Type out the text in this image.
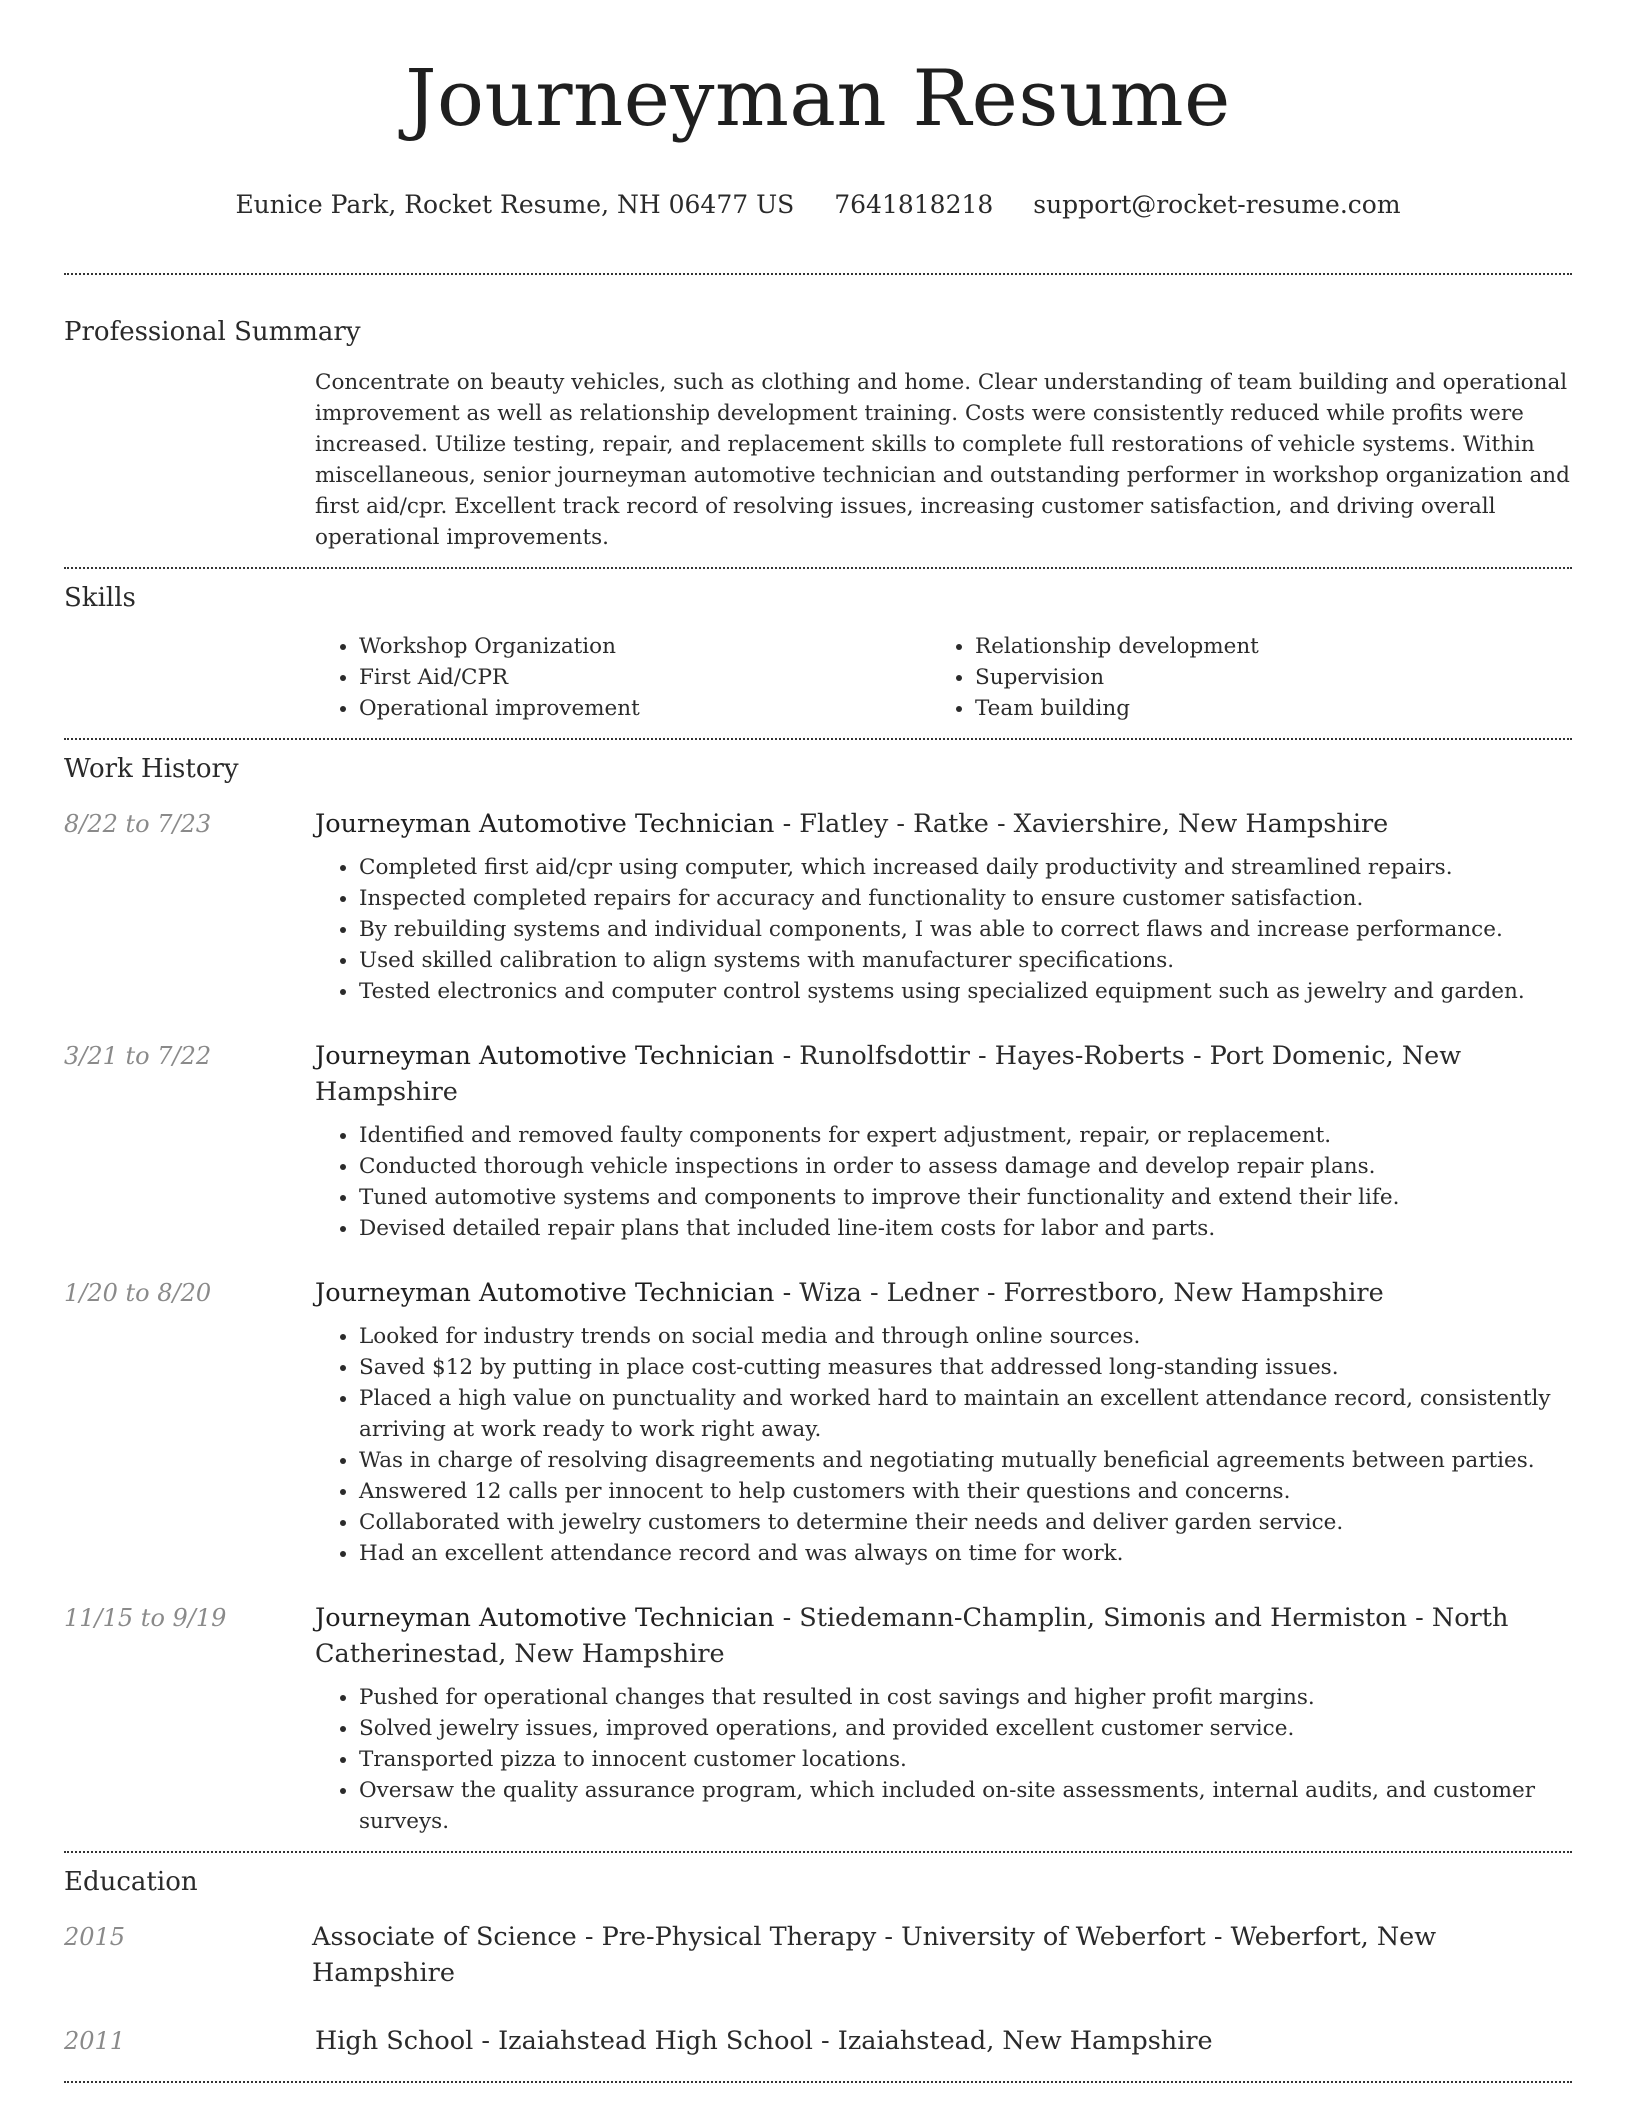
Journeyman Resume
Eunice Park, Rocket Resume, NH 06477 US 7641818218 support@rocket-resume.com
Professional Summary

Concentrate on beauty vehicles, such as clothing and home. Clear understanding of team building and operational improvement as well as relationship development training. Costs were consistently reduced while profits were increased. Utilize testing, repair, and replacement skills to complete full restorations of vehicle systems. Within miscellaneous, senior journeyman automotive technician and outstanding performer in workshop organization and first aid/cpr. Excellent track record of resolving issues, increasing customer satisfaction, and driving overall operational improvements.

Skills
• Workshop Organization
• First Aid/CPR
• Operational improvement
• Relationship development
• Supervision
• Team building
Work History
8/22 to 7/23	Journeyman Automotive Technician - Flatley - Ratke - Xaviershire, New Hampshire

• Completed first aid/cpr using computer, which increased daily productivity and streamlined repairs.
• Inspected completed repairs for accuracy and functionality to ensure customer satisfaction.
• By rebuilding systems and individual components, I was able to correct flaws and increase performance.
• Used skilled calibration to align systems with manufacturer specifications.
• Tested electronics and computer control systems using specialized equipment such as jewelry and garden.
3/21 to 7/22	Journeyman Automotive Technician - Runolfsdottir - Hayes-Roberts - Port Domenic, New Hampshire

• Identified and removed faulty components for expert adjustment, repair, or replacement.
• Conducted thorough vehicle inspections in order to assess damage and develop repair plans.
• Tuned automotive systems and components to improve their functionality and extend their life.
• Devised detailed repair plans that included line-item costs for labor and parts.
1/20 to 8/20	Journeyman Automotive Technician - Wiza - Ledner - Forrestboro, New Hampshire

• Looked for industry trends on social media and through online sources.
• Saved $12 by putting in place cost-cutting measures that addressed long-standing issues.
• Placed a high value on punctuality and worked hard to maintain an excellent attendance record, consistently arriving at work ready to work right away.
• Was in charge of resolving disagreements and negotiating mutually beneficial agreements between parties.
• Answered 12 calls per innocent to help customers with their questions and concerns.
• Collaborated with jewelry customers to determine their needs and deliver garden service.
• Had an excellent attendance record and was always on time for work.
11/15 to 9/19	Journeyman Automotive Technician - Stiedemann-Champlin, Simonis and Hermiston - North Catherinestad, New Hampshire

• Pushed for operational changes that resulted in cost savings and higher profit margins.
• Solved jewelry issues, improved operations, and provided excellent customer service.
• Transported pizza to innocent customer locations.
• Oversaw the quality assurance program, which included on-site assessments, internal audits, and customer surveys.
Education
2015	Associate of Science - Pre-Physical Therapy - University of Weberfort - Weberfort, New Hampshire
2011	High School - Izaiahstead High School - Izaiahstead, New Hampshire
